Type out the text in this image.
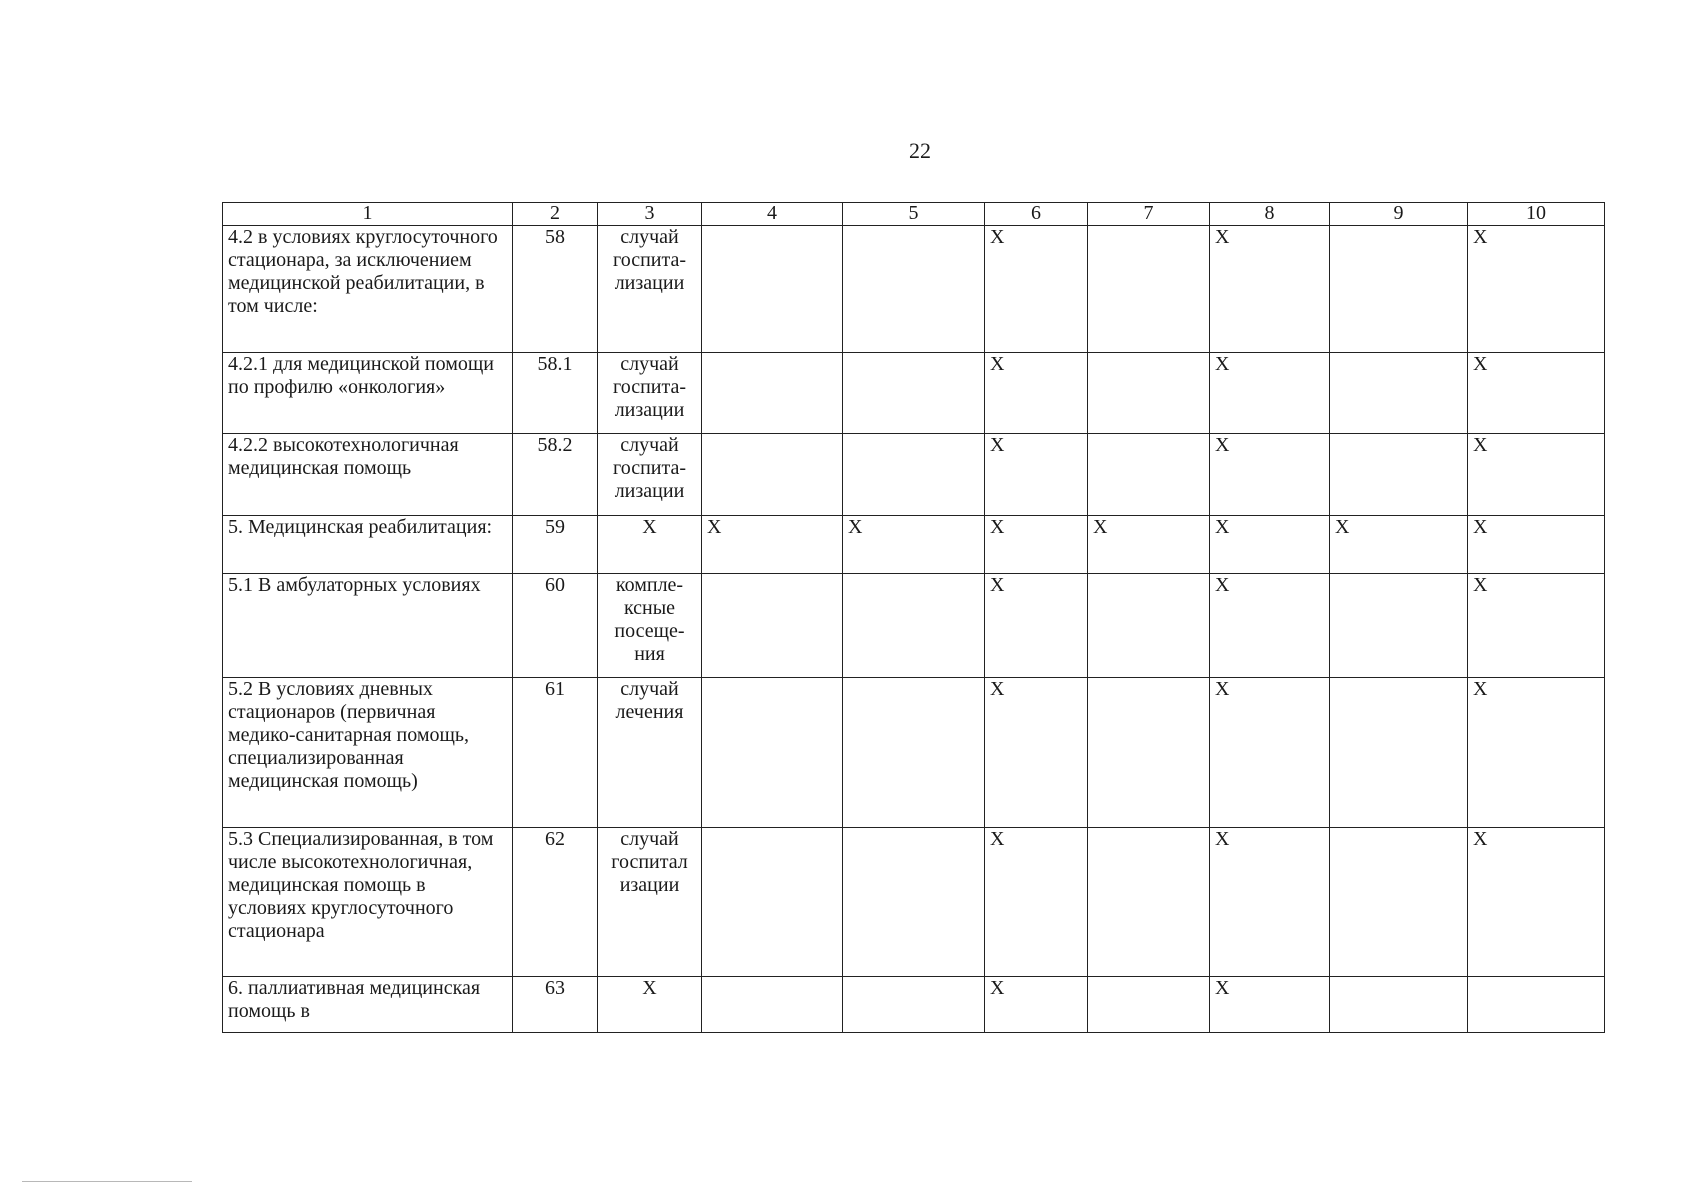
22
1	2	3	4	5	6	7	8	9	10
4.2 в условиях круглосуточного стационара, за исключением медицинской реабилитации, в том числе:	58	случай госпита-лизации			X		X		X
4.2.1 для медицинской помощи по профилю «онкология»	58.1	случай госпита-лизации			X		X		X
4.2.2 высокотехнологичная медицинская помощь	58.2	случай госпита-лизации			X		X		X
5. Медицинская реабилитация:	59	X	X	X	X	X	X	X	X
5.1 В амбулаторных условиях	60	компле-ксные посеще-ния			X		X		X
5.2 В условиях дневных стационаров (первичная медико-санитарная помощь, специализированная медицинская помощь)	61	случай лечения			X		X		X
5.3 Специализированная, в том числе высокотехнологичная, медицинская помощь в условиях круглосуточного стационара	62	случай госпитал изации			X		X		X
6. паллиативная медицинская помощь в	63	X			X		X		
